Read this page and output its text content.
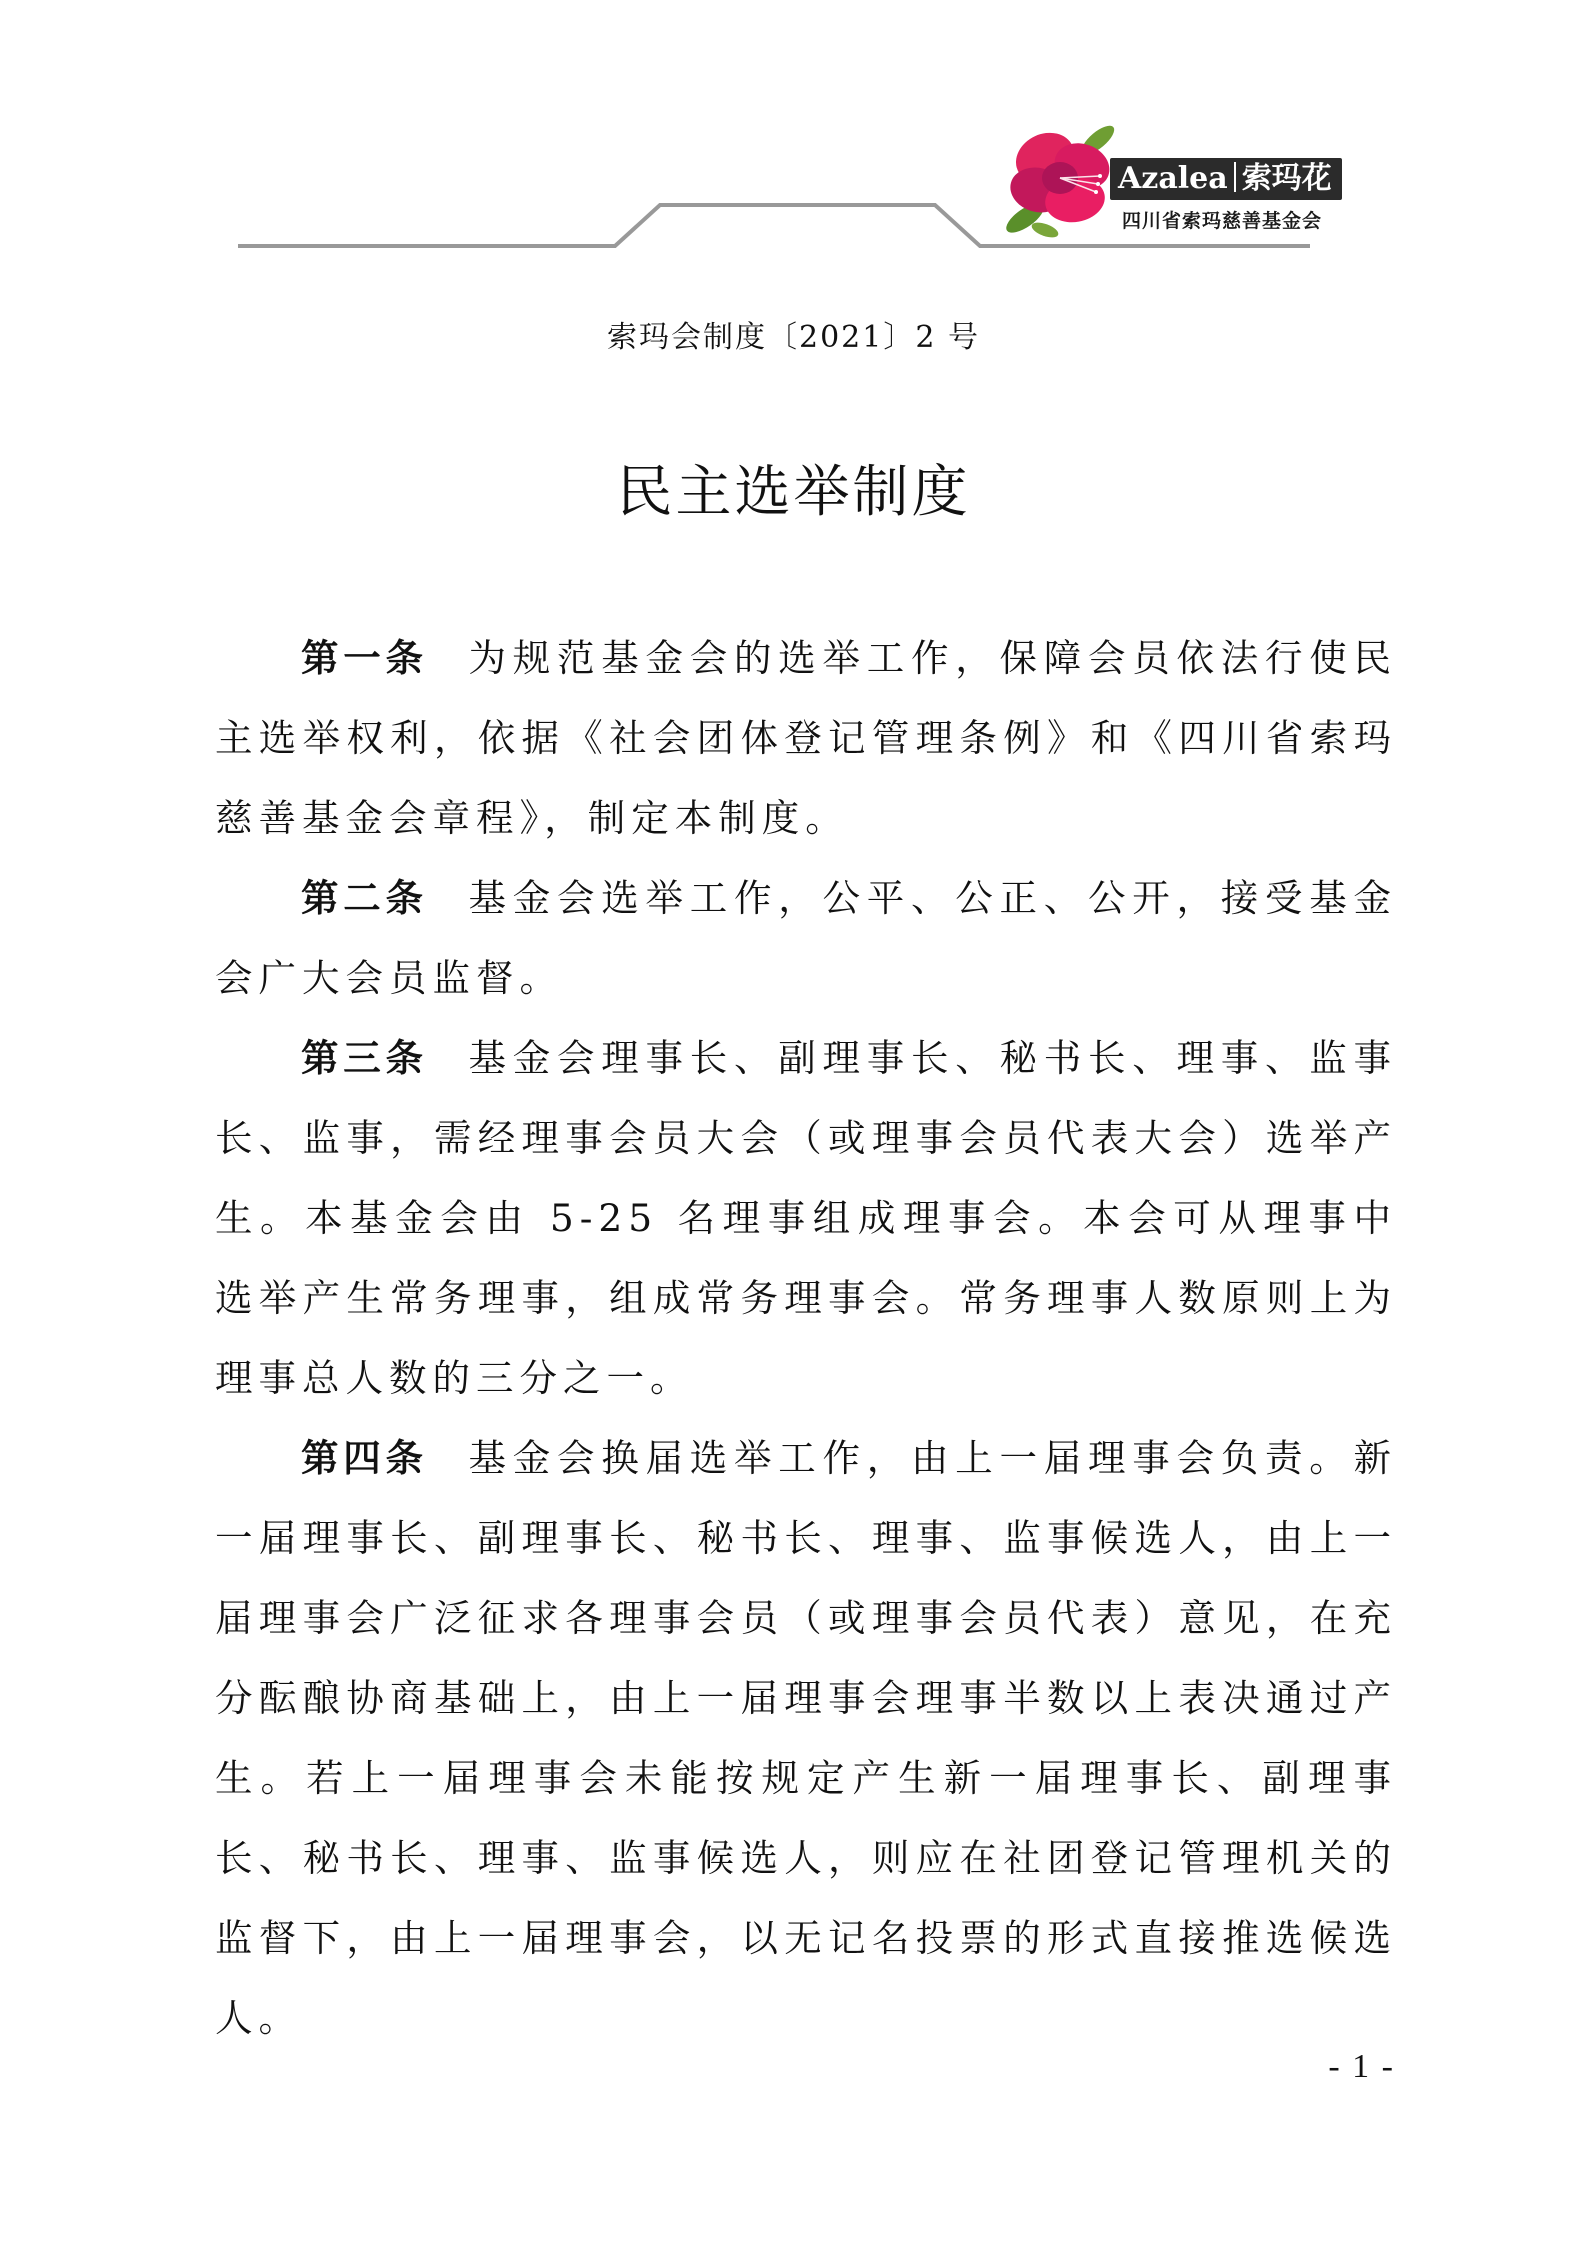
Azalea 索玛花
四川省索玛慈善基金会
索玛会制度〔2021〕2 号
民主选举制度

第一条 为规范基金会的选举工作，保障会员依法行使民主选举权利，依据《社会团体登记管理条例》和《四川省索玛慈善基金会章程》，制定本制度。

第二条 基金会选举工作，公平、公正、公开，接受基金会广大会员监督。

第三条 基金会理事长、副理事长、秘书长、理事、监事长、监事，需经理事会员大会（或理事会员代表大会）选举产生。本基金会由 5-25 名理事组成理事会。本会可从理事中选举产生常务理事，组成常务理事会。常务理事人数原则上为理事总人数的三分之一。

第四条 基金会换届选举工作，由上一届理事会负责。新一届理事长、副理事长、秘书长、理事、监事候选人，由上一届理事会广泛征求各理事会员（或理事会员代表）意见，在充分酝酿协商基础上，由上一届理事会理事半数以上表决通过产生。若上一届理事会未能按规定产生新一届理事长、副理事长、秘书长、理事、监事候选人，则应在社团登记管理机关的监督下，由上一届理事会，以无记名投票的形式直接推选候选人。

- 1 -
